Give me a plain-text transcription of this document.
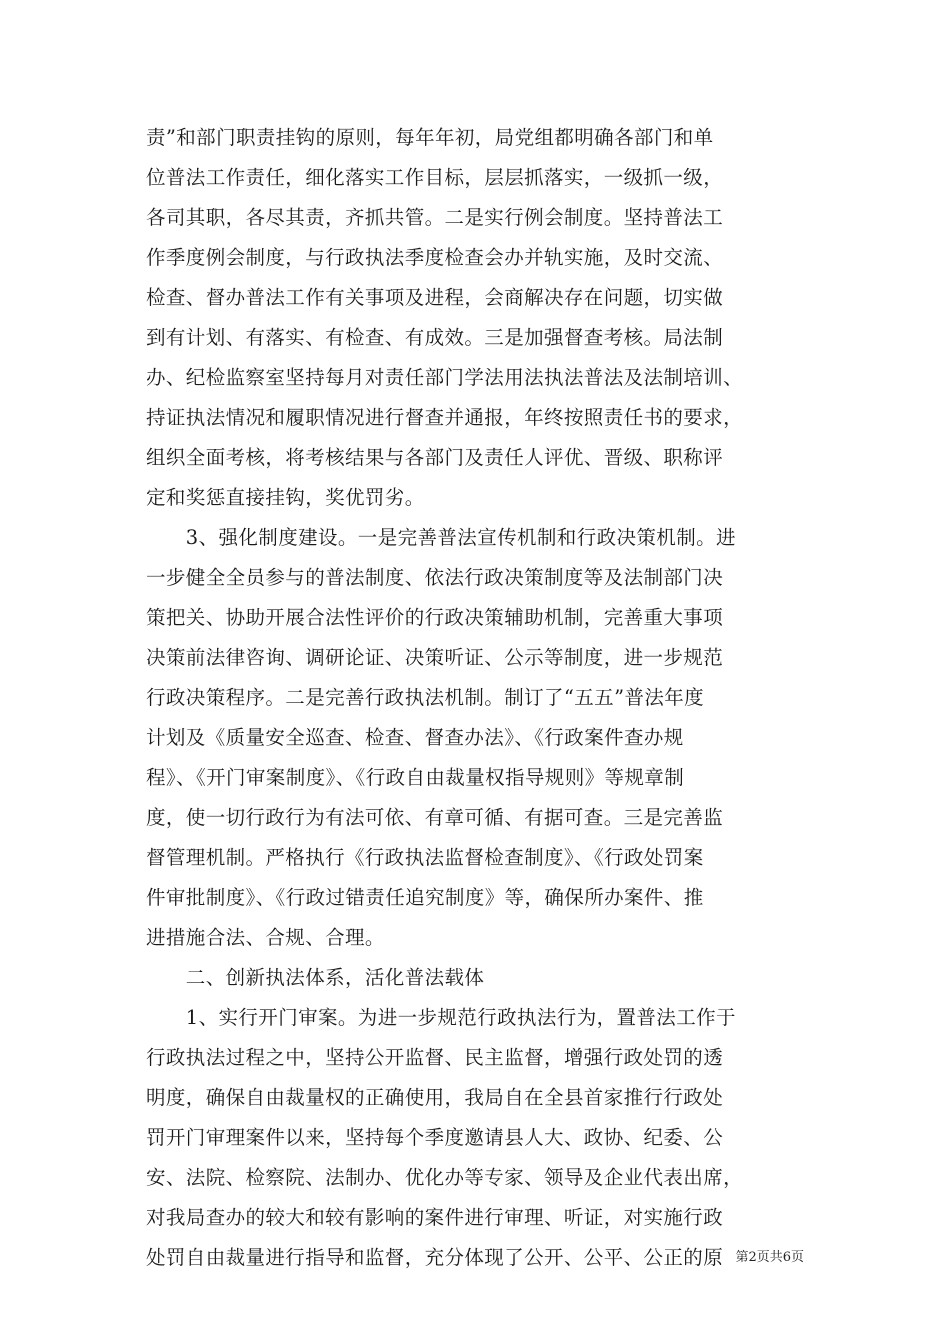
责”和部门职责挂钩的原则，每年年初，局党组都明确各部门和单
位普法工作责任，细化落实工作目标，层层抓落实，一级抓一级，
各司其职，各尽其责，齐抓共管。二是实行例会制度。坚持普法工
作季度例会制度，与行政执法季度检查会办并轨实施，及时交流、
检查、督办普法工作有关事项及进程，会商解决存在问题，切实做
到有计划、有落实、有检查、有成效。三是加强督查考核。局法制
办、纪检监察室坚持每月对责任部门学法用法执法普法及法制培训、
持证执法情况和履职情况进行督查并通报，年终按照责任书的要求，
组织全面考核，将考核结果与各部门及责任人评优、晋级、职称评
定和奖惩直接挂钩，奖优罚劣。
　　3、强化制度建设。一是完善普法宣传机制和行政决策机制。进
一步健全全员参与的普法制度、依法行政决策制度等及法制部门决
策把关、协助开展合法性评价的行政决策辅助机制，完善重大事项
决策前法律咨询、调研论证、决策听证、公示等制度，进一步规范
行政决策程序。二是完善行政执法机制。制订了“五五”普法年度
计划及《质量安全巡查、检查、督查办法》、《行政案件查办规
程》、《开门审案制度》、《行政自由裁量权指导规则》等规章制
度，使一切行政行为有法可依、有章可循、有据可查。三是完善监
督管理机制。严格执行《行政执法监督检查制度》、《行政处罚案
件审批制度》、《行政过错责任追究制度》等，确保所办案件、推
进措施合法、合规、合理。
　　二、创新执法体系，活化普法载体
　　1、实行开门审案。为进一步规范行政执法行为，置普法工作于
行政执法过程之中，坚持公开监督、民主监督，增强行政处罚的透
明度，确保自由裁量权的正确使用，我局自在全县首家推行行政处
罚开门审理案件以来，坚持每个季度邀请县人大、政协、纪委、公
安、法院、检察院、法制办、优化办等专家、领导及企业代表出席，
对我局查办的较大和较有影响的案件进行审理、听证，对实施行政
处罚自由裁量进行指导和监督，充分体现了公开、公平、公正的原 第2页共6页
